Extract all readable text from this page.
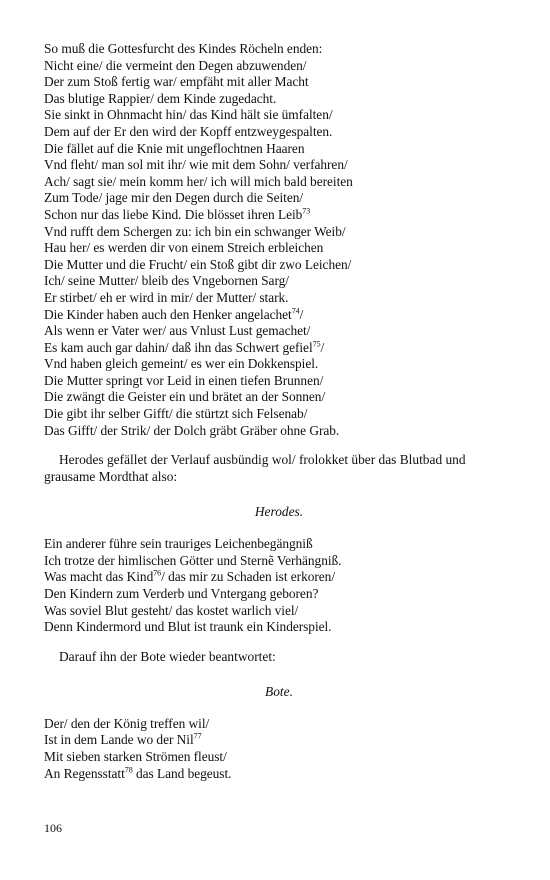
So muß die Gottesfurcht des Kindes Röcheln enden:
Nicht eine/ die vermeint den Degen abzuwenden/
Der zum Stoß fertig war/ empfäht mit aller Macht
Das blutige Rappier/ dem Kinde zugedacht.
Sie sinkt in Ohnmacht hin/ das Kind hält sie ümfalten/
Dem auf der Er den wird der Kopff entzweygespalten.
Die fället auf die Knie mit ungeflochtnen Haaren
Vnd fleht/ man sol mit ihr/ wie mit dem Sohn/ verfahren/
Ach/ sagt sie/ mein komm her/ ich will mich bald bereiten
Zum Tode/ jage mir den Degen durch die Seiten/
Schon nur das liebe Kind. Die blösset ihren Leib$^{73}$
Vnd rufft dem Schergen zu: ich bin ein schwanger Weib/
Hau her/ es werden dir von einem Streich erbleichen
Die Mutter und die Frucht/ ein Stoß gibt dir zwo Leichen/
Ich/ seine Mutter/ bleib des Vngebornen Sarg/
Er stirbet/ eh er wird in mir/ der Mutter/ stark.
Die Kinder haben auch den Henker angelachet$^{74}$/
Als wenn er Vater wer/ aus Vnlust Lust gemachet/
Es kam auch gar dahin/ daß ihn das Schwert gefiel$^{75}$/
Vnd haben gleich gemeint/ es wer ein Dokkenspiel.
Die Mutter springt vor Leid in einen tiefen Brunnen/
Die zwängt die Geister ein und brätet an der Sonnen/
Die gibt ihr selber Gifft/ die stürtzt sich Felsenab/
Das Gifft/ der Strik/ der Dolch gräbt Gräber ohne Grab.

Herodes gefället der Verlauf ausbündig wol/ frolokket über das Blutbad und grausame Mordthat also:

Herodes.

Ein anderer führe sein trauriges Leichenbegängniß
Ich trotze der himlischen Götter und Sternẽ Verhängniß.
Was macht das Kind$^{76}$/ das mir zu Schaden ist erkoren/
Den Kindern zum Verderb und Vntergang geboren?
Was soviel Blut gesteht/ das kostet warlich viel/
Denn Kindermord und Blut ist traunk ein Kinderspiel.

Darauf ihn der Bote wieder beantwortet:

Bote.

Der/ den der König treffen wil/
Ist in dem Lande wo der Nil$^{77}$
Mit sieben starken Strömen fleust/
An Regensstatt$^{78}$ das Land begeust.
106
